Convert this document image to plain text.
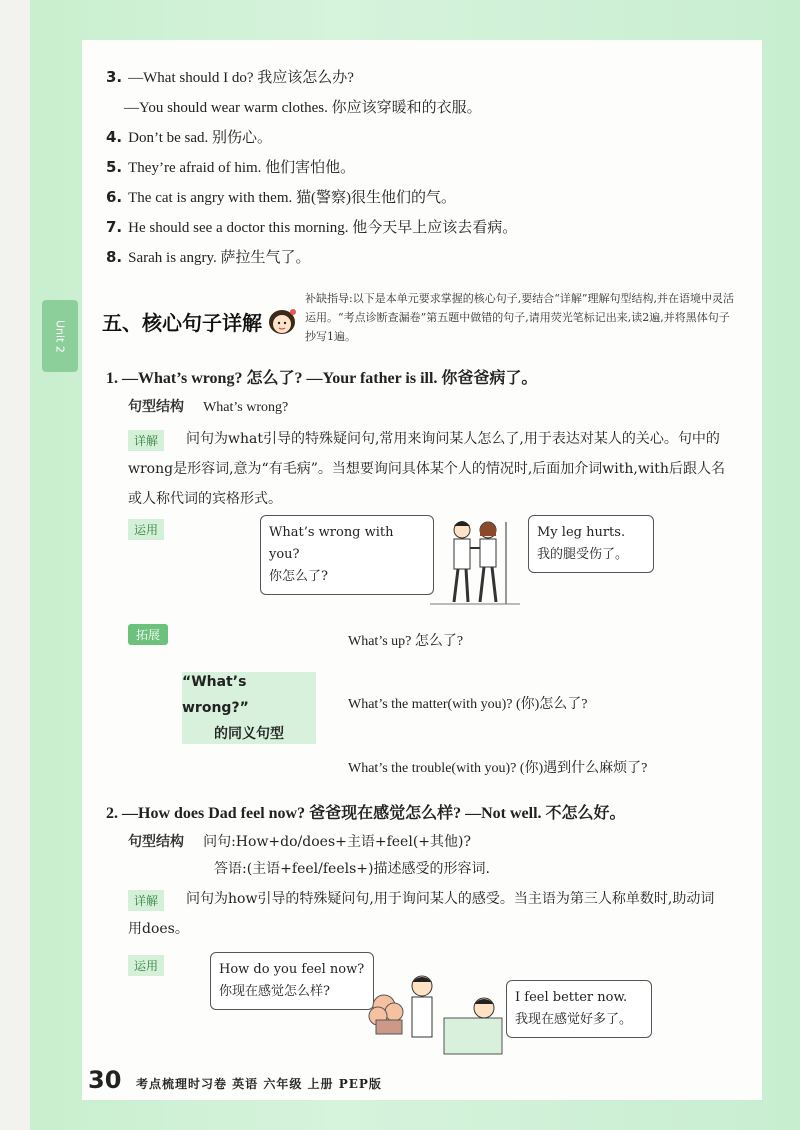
Unit 2
3. —What should I do? 我应该怎么办?
—You should wear warm clothes. 你应该穿暖和的衣服。
4. Don’t be sad. 别伤心。
5. They’re afraid of him. 他们害怕他。
6. The cat is angry with them. 猫(警察)很生他们的气。
7. He should see a doctor this morning. 他今天早上应该去看病。
8. Sarah is angry. 萨拉生气了。
五、核心句子详解
补缺指导:以下是本单元要求掌握的核心句子,要结合“详解”理解句型结构,并在语境中灵活运用。“考点诊断查漏卷”第五题中做错的句子,请用荧光笔标记出来,读2遍,并将黑体句子抄写1遍。
1. —What’s wrong? 怎么了? —Your father is ill. 你爸爸病了。
句型结构 What’s wrong?
详解	问句为what引导的特殊疑问句,常用来询问某人怎么了,用于表达对某人的关心。句中的wrong是形容词,意为“有毛病”。当想要询问具体某个人的情况时,后面加介词with,with后跟人名或人称代词的宾格形式。
运用	What’s wrong with you?
你怎么了?
My leg hurts.
我的腿受伤了。
拓展	What’s up? 怎么了?
“What’s wrong?”
的同义句型
What’s the matter(with you)? (你)怎么了?
What’s the trouble(with you)? (你)遇到什么麻烦了?
2. —How does Dad feel now? 爸爸现在感觉怎么样? —Not well. 不怎么好。
句型结构 问句:How+do/does+主语+feel(+其他)?
答语:(主语+feel/feels+)描述感受的形容词.
详解	问句为how引导的特殊疑问句,用于询问某人的感受。当主语为第三人称单数时,助动词用does。
运用	How do you feel now?
你现在感觉怎么样?	I feel better now.
我现在感觉好多了。
30 考点梳理时习卷 英语 六年级 上册 PEP版
